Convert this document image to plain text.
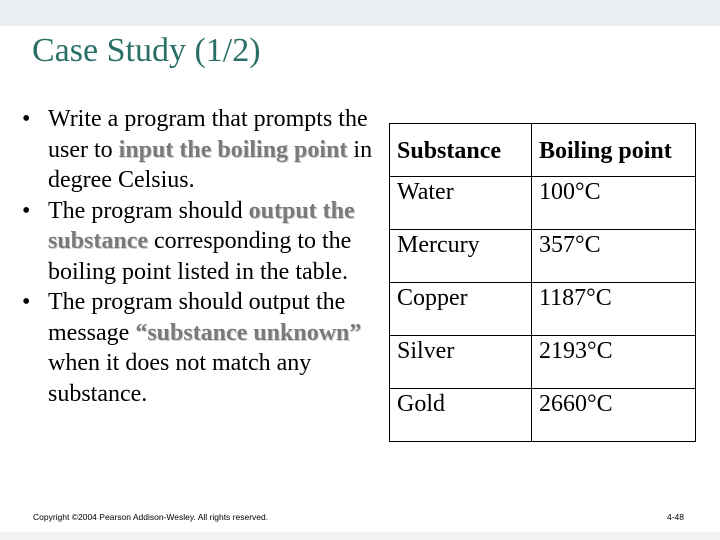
Case Study (1/2)
• Write a program that prompts the user to input the boiling point in degree Celsius.
• The program should output the substance corresponding to the boiling point listed in the table.
• The program should output the message “substance unknown” when it does not match any substance.
Substance	Boiling point
Water	100°C
Mercury	357°C
Copper	1187°C
Silver	2193°C
Gold	2660°C
Copyright ©2004 Pearson Addison-Wesley. All rights reserved.	4-48
